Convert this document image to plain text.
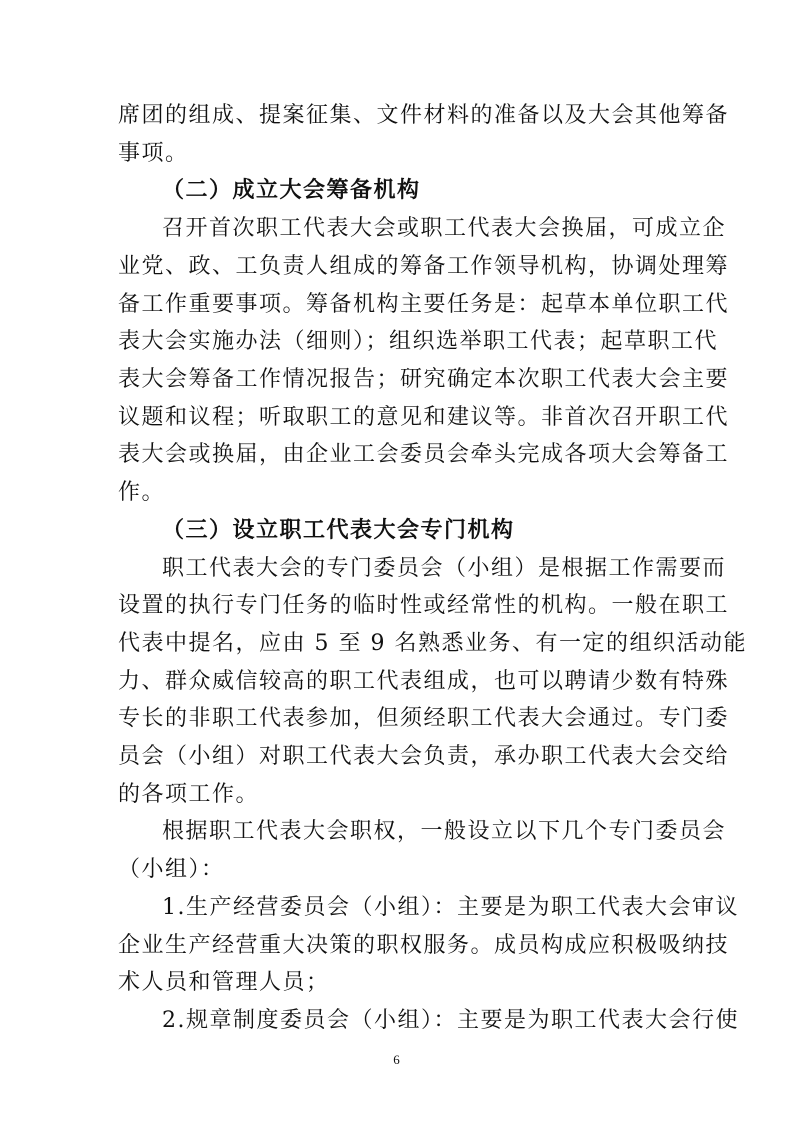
席团的组成、提案征集、文件材料的准备以及大会其他筹备
事项。
（二）成立大会筹备机构
召开首次职工代表大会或职工代表大会换届，可成立企
业党、政、工负责人组成的筹备工作领导机构，协调处理筹
备工作重要事项。筹备机构主要任务是：起草本单位职工代
表大会实施办法（细则）；组织选举职工代表；起草职工代
表大会筹备工作情况报告；研究确定本次职工代表大会主要
议题和议程；听取职工的意见和建议等。非首次召开职工代
表大会或换届，由企业工会委员会牵头完成各项大会筹备工
作。
（三）设立职工代表大会专门机构
职工代表大会的专门委员会（小组）是根据工作需要而
设置的执行专门任务的临时性或经常性的机构。一般在职工
代表中提名，应由 5 至 9 名熟悉业务、有一定的组织活动能
力、群众威信较高的职工代表组成，也可以聘请少数有特殊
专长的非职工代表参加，但须经职工代表大会通过。专门委
员会（小组）对职工代表大会负责，承办职工代表大会交给
的各项工作。
根据职工代表大会职权，一般设立以下几个专门委员会
（小组）：
1.生产经营委员会（小组）：主要是为职工代表大会审议
企业生产经营重大决策的职权服务。成员构成应积极吸纳技
术人员和管理人员；
2.规章制度委员会（小组）：主要是为职工代表大会行使
6
